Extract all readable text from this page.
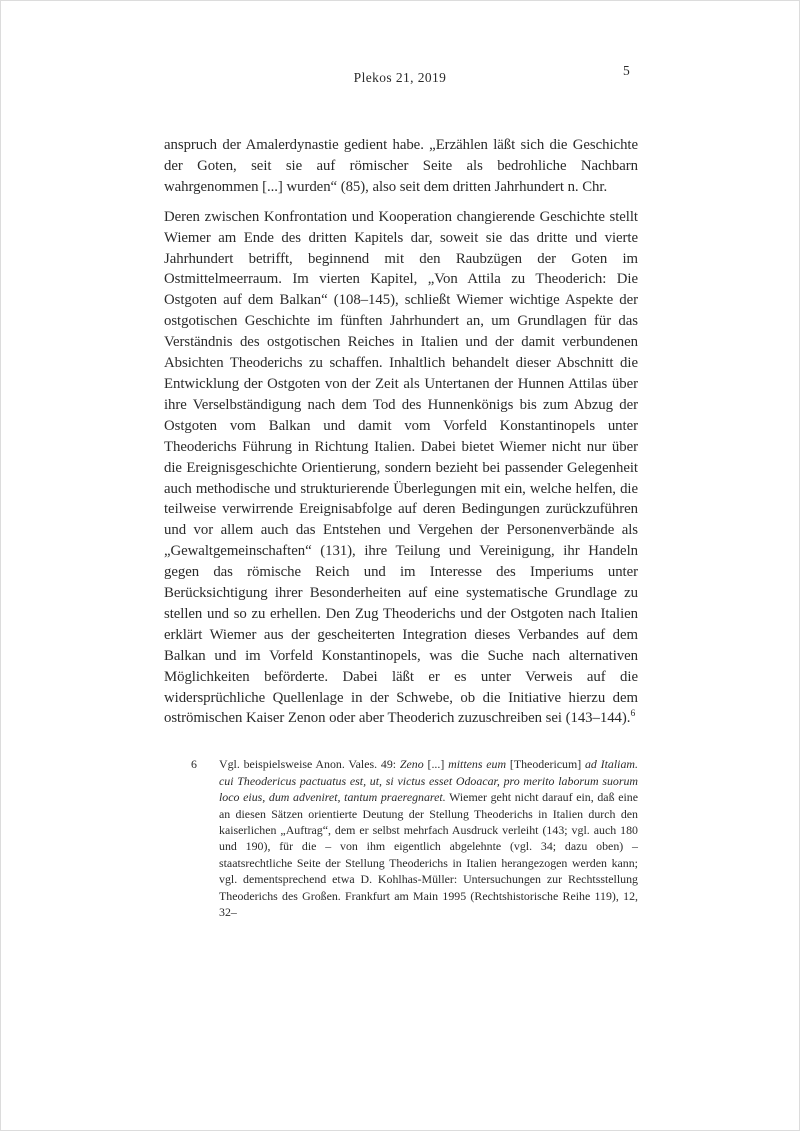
Plekos 21, 2019	5

anspruch der Amalerdynastie gedient habe. „Erzählen läßt sich die Geschichte der Goten, seit sie auf römischer Seite als bedrohliche Nachbarn wahrgenommen [...] wurden“ (85), also seit dem dritten Jahrhundert n. Chr.

Deren zwischen Konfrontation und Kooperation changierende Geschichte stellt Wiemer am Ende des dritten Kapitels dar, soweit sie das dritte und vierte Jahrhundert betrifft, beginnend mit den Raubzügen der Goten im Ostmittelmeerraum. Im vierten Kapitel, „Von Attila zu Theoderich: Die Ostgoten auf dem Balkan“ (108–145), schließt Wiemer wichtige Aspekte der ostgotischen Geschichte im fünften Jahrhundert an, um Grundlagen für das Verständnis des ostgotischen Reiches in Italien und der damit verbundenen Absichten Theoderichs zu schaffen. Inhaltlich behandelt dieser Abschnitt die Entwicklung der Ostgoten von der Zeit als Untertanen der Hunnen Attilas über ihre Verselbständigung nach dem Tod des Hunnenkönigs bis zum Abzug der Ostgoten vom Balkan und damit vom Vorfeld Konstantinopels unter Theoderichs Führung in Richtung Italien. Dabei bietet Wiemer nicht nur über die Ereignisgeschichte Orientierung, sondern bezieht bei passender Gelegenheit auch methodische und strukturierende Überlegungen mit ein, welche helfen, die teilweise verwirrende Ereignisabfolge auf deren Bedingungen zurückzuführen und vor allem auch das Entstehen und Vergehen der Personenverbände als „Gewaltgemeinschaften“ (131), ihre Teilung und Vereinigung, ihr Handeln gegen das römische Reich und im Interesse des Imperiums unter Berücksichtigung ihrer Besonderheiten auf eine systematische Grundlage zu stellen und so zu erhellen. Den Zug Theoderichs und der Ostgoten nach Italien erklärt Wiemer aus der gescheiterten Integration dieses Verbandes auf dem Balkan und im Vorfeld Konstantinopels, was die Suche nach alternativen Möglichkeiten beförderte. Dabei läßt er es unter Verweis auf die widersprüchliche Quellenlage in der Schwebe, ob die Initiative hierzu dem oströmischen Kaiser Zenon oder aber Theoderich zuzuschreiben sei (143–144).$^6$

6	Vgl. beispielsweise Anon. Vales. 49: Zeno [...] mittens eum [Theodericum] ad Italiam. cui Theodericus pactuatus est, ut, si victus esset Odoacar, pro merito laborum suorum loco eius, dum adveniret, tantum praeregnaret. Wiemer geht nicht darauf ein, daß eine an diesen Sätzen orientierte Deutung der Stellung Theoderichs in Italien durch den kaiserlichen „Auftrag“, dem er selbst mehrfach Ausdruck verleiht (143; vgl. auch 180 und 190), für die – von ihm eigentlich abgelehnte (vgl. 34; dazu oben) – staatsrechtliche Seite der Stellung Theoderichs in Italien herangezogen werden kann; vgl. dementsprechend etwa D. Kohlhas-Müller: Untersuchungen zur Rechtsstellung Theoderichs des Großen. Frankfurt am Main 1995 (Rechtshistorische Reihe 119), 12, 32–
